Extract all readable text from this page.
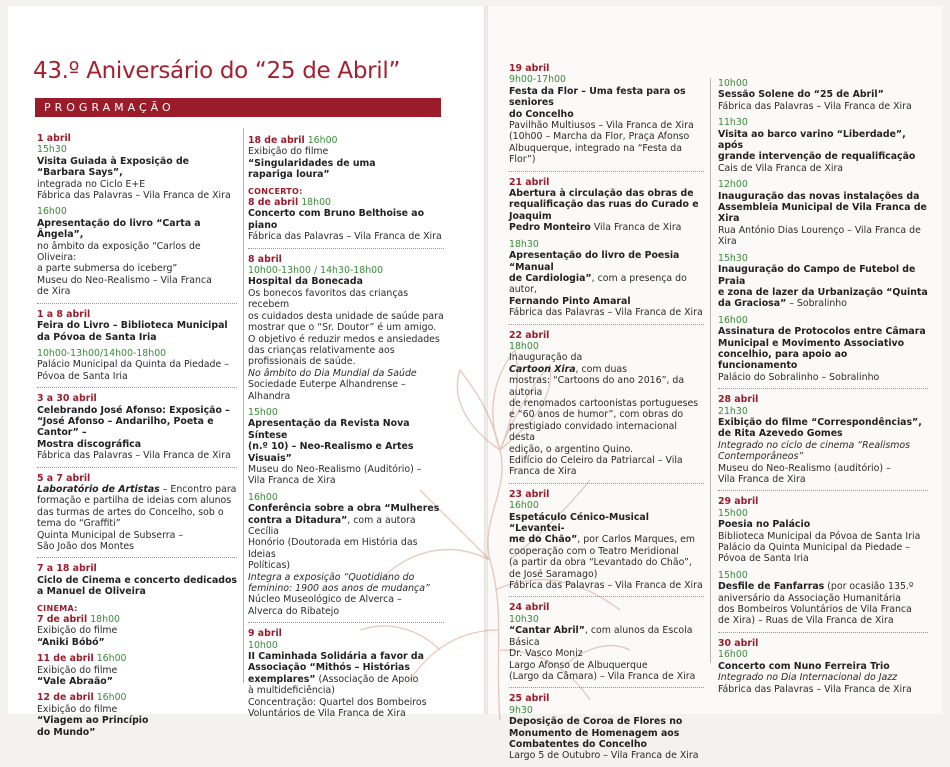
43.º Aniversário do “25 de Abril”
PROGRAMAÇÃO
1 abril
15h30
Visita Guiada à Exposição de “Barbara Says”,
integrada no Ciclo E+E
Fábrica das Palavras – Vila Franca de Xira
16h00
Apresentação do livro “Carta a Ângela”,
no âmbito da exposição “Carlos de Oliveira:
a parte submersa do iceberg”
Museu do Neo-Realismo – Vila Franca
de Xira
1 a 8 abril
Feira do Livro – Biblioteca Municipal
da Póvoa de Santa Iria
10h00-13h00/14h00-18h00
Palácio Municipal da Quinta da Piedade –
Póvoa de Santa Iria
3 a 30 abril
Celebrando José Afonso: Exposição –
“José Afonso – Andarilho, Poeta e Cantor” –
Mostra discográfica
Fábrica das Palavras – Vila Franca de Xira
5 a 7 abril
Laboratório de Artistas – Encontro para
formação e partilha de ideias com alunos
das turmas de artes do Concelho, sob o
tema do “Graffiti”
Quinta Municipal de Subserra –
São João dos Montes
7 a 18 abril
Ciclo de Cinema e concerto dedicados
a Manuel de Oliveira
CINEMA:
7 de abril 18h00
Exibição do filme
“Aniki Bóbó”
11 de abril 16h00
Exibição do filme
“Vale Abraão”
12 de abril 16h00
Exibição do filme
“Viagem ao Princípio
do Mundo”
18 de abril 16h00
Exibição do filme
“Singularidades de uma
rapariga loura”
CONCERTO:
8 de abril 18h00
Concerto com Bruno Belthoise ao piano
Fábrica das Palavras – Vila Franca de Xira
8 abril
10h00-13h00 / 14h30-18h00
Hospital da Bonecada
Os bonecos favoritos das crianças recebem
os cuidados desta unidade de saúde para
mostrar que o “Sr. Doutor” é um amigo.
O objetivo é reduzir medos e ansiedades
das crianças relativamente aos
profissionais de saúde.
No âmbito do Dia Mundial da Saúde
Sociedade Euterpe Alhandrense –
Alhandra
15h00
Apresentação da Revista Nova Síntese
(n.º 10) – Neo-Realismo e Artes Visuais”
Museu do Neo-Realismo (Auditório) –
Vila Franca de Xira
16h00
Conferência sobre a obra “Mulheres
contra a Ditadura”, com a autora Cecília
Honório (Doutorada em História das Ideias
Políticas)
Integra a exposição “Quotidiano do
feminino: 1900 aos anos de mudança”
Núcleo Museológico de Alverca –
Alverca do Ribatejo
9 abril
10h00
II Caminhada Solidária a favor da
Associação “Mithós – Histórias
exemplares” (Associação de Apoio
à multideficiência)
Concentração: Quartel dos Bombeiros
Voluntários de Vila Franca de Xira
19 abril
9h00-17h00
Festa da Flor – Uma festa para os seniores
do Concelho
Pavilhão Multiusos – Vila Franca de Xira
(10h00 – Marcha da Flor, Praça Afonso
Albuquerque, integrado na “Festa da Flor”)
21 abril
Abertura à circulação das obras de
requalificação das ruas do Curado e Joaquim
Pedro Monteiro Vila Franca de Xira
18h30
Apresentação do livro de Poesia “Manual
de Cardiologia”, com a presença do autor,
Fernando Pinto Amaral
Fábrica das Palavras – Vila Franca de Xira
22 abril
18h00
Inauguração da
Cartoon Xira, com duas
mostras: “Cartoons do ano 2016”, da autoria
de renomados cartoonistas portugueses
e “60 anos de humor”, com obras do
prestigiado convidado internacional desta
edição, o argentino Quino.
Edifício do Celeiro da Patriarcal – Vila
Franca de Xira
23 abril
16h00
Espetáculo Cénico-Musical “Levantei-
me do Chão”, por Carlos Marques, em
cooperação com o Teatro Meridional
(a partir da obra “Levantado do Chão”,
de José Saramago)
Fábrica das Palavras – Vila Franca de Xira
24 abril
10h30
“Cantar Abril”, com alunos da Escola Básica
Dr. Vasco Moniz
Largo Afonso de Albuquerque
(Largo da Câmara) – Vila Franca de Xira
25 abril
9h30
Deposição de Coroa de Flores no
Monumento de Homenagem aos
Combatentes do Concelho
Largo 5 de Outubro – Vila Franca de Xira
10h00
Sessão Solene do “25 de Abril”
Fábrica das Palavras – Vila Franca de Xira
11h30
Visita ao barco varino “Liberdade”, após
grande intervenção de requalificação
Cais de Vila Franca de Xira
12h00
Inauguração das novas instalações da
Assembleia Municipal de Vila Franca de Xira
Rua António Dias Lourenço – Vila Franca de Xira
15h30
Inauguração do Campo de Futebol de Praia
e zona de lazer da Urbanização “Quinta
da Graciosa” – Sobralinho
16h00
Assinatura de Protocolos entre Câmara
Municipal e Movimento Associativo
concelhio, para apoio ao funcionamento
Palácio do Sobralinho – Sobralinho
28 abril
21h30
Exibição do filme “Correspondências”,
de Rita Azevedo Gomes
Integrado no ciclo de cinema “Realismos
Contemporâneos”
Museu do Neo-Realismo (auditório) –
Vila Franca de Xira
29 abril
15h00
Poesia no Palácio
Biblioteca Municipal da Póvoa de Santa Iria
Palácio da Quinta Municipal da Piedade –
Póvoa de Santa Iria
15h00
Desfile de Fanfarras (por ocasião 135.º
aniversário da Associação Humanitária
dos Bombeiros Voluntários de Vila Franca
de Xira) – Ruas de Vila Franca de Xira
30 abril
16h00
Concerto com Nuno Ferreira Trio
Integrado no Dia Internacional do Jazz
Fábrica das Palavras – Vila Franca de Xira
